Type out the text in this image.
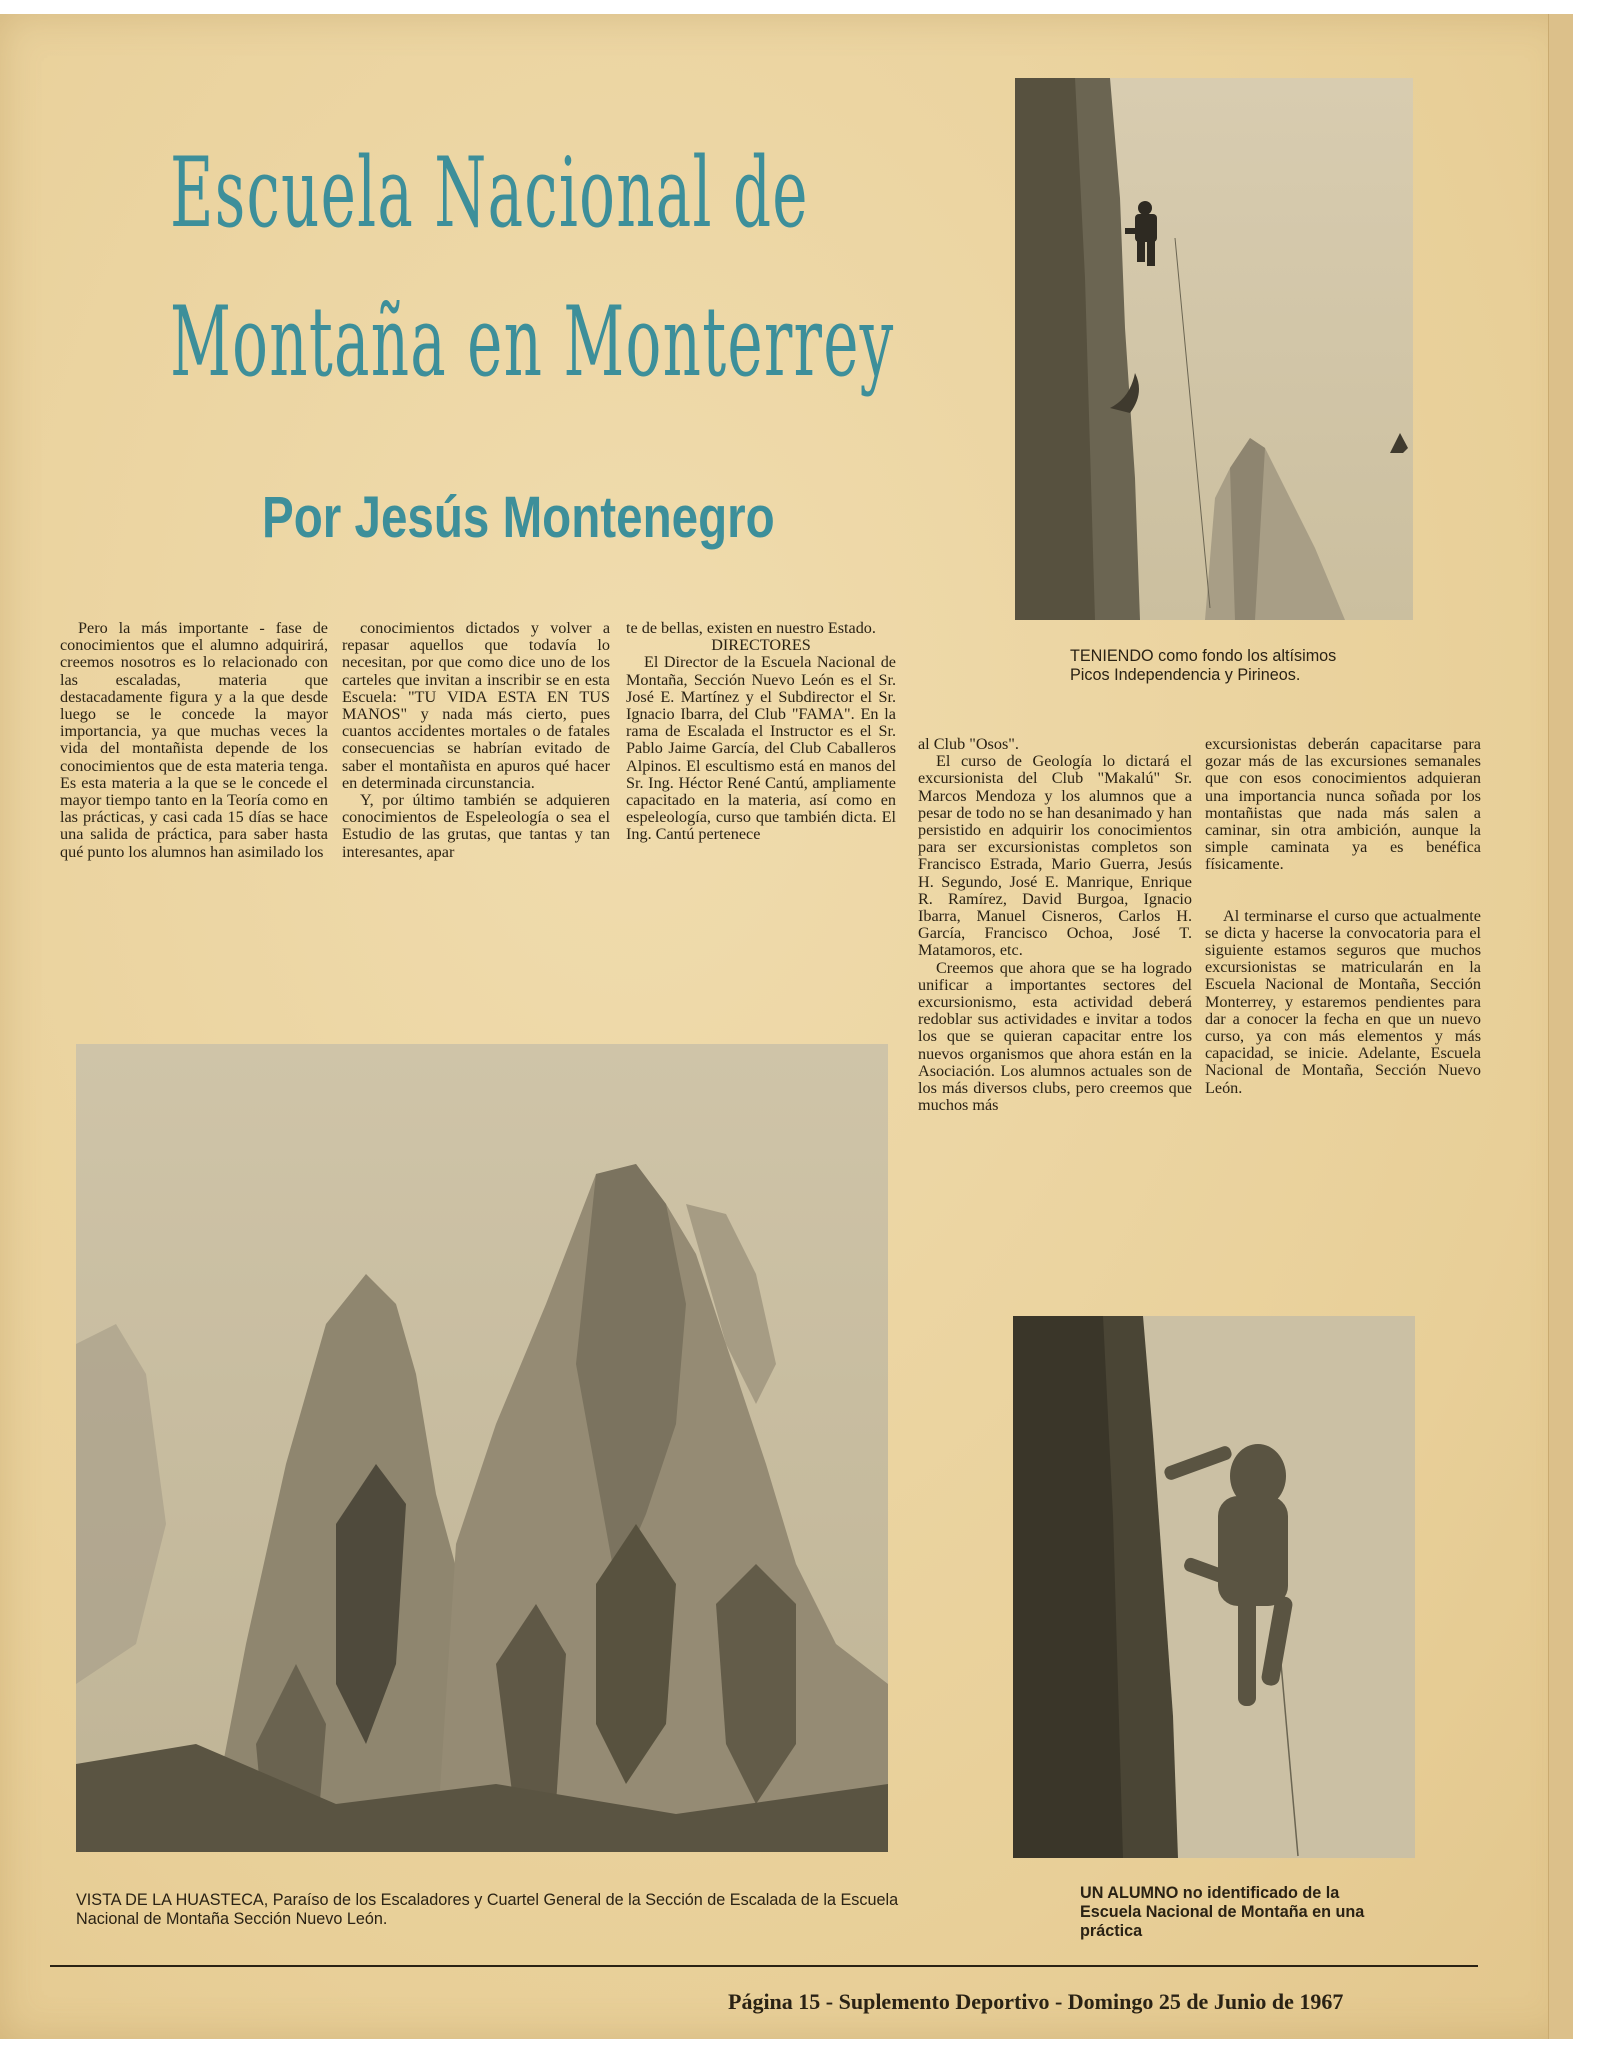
Escuela Nacional de
Montaña en Monterrey
Por Jesús Montenegro
TENIENDO como fondo los altísimos Picos Independencia y Pirineos.

Pero la más importante - fase de conocimientos que el alumno adquirirá, creemos nosotros es lo relacionado con las escaladas, materia que destacadamente figura y a la que desde luego se le concede la mayor importancia, ya que muchas veces la vida del montañista depende de los conocimientos que de esta materia tenga. Es esta materia a la que se le concede el mayor tiempo tanto en la Teoría como en las prácticas, y casi cada 15 días se hace una salida de práctica, para saber hasta qué punto los alumnos han asimilado los

conocimientos dictados y volver a repasar aquellos que todavía lo necesitan, por que como dice uno de los carteles que invitan a inscribir se en esta Escuela: "TU VIDA ESTA EN TUS MANOS" y nada más cierto, pues cuantos accidentes mortales o de fatales consecuencias se habrían evitado de saber el montañista en apuros qué hacer en determinada circunstancia.

Y, por último también se adquieren conocimientos de Espeleología o sea el Estudio de las grutas, que tantas y tan interesantes, apar

te de bellas, existen en nuestro Estado.

DIRECTORES

El Director de la Escuela Nacional de Montaña, Sección Nuevo León es el Sr. José E. Martínez y el Subdirector el Sr. Ignacio Ibarra, del Club "FAMA". En la rama de Escalada el Instructor es el Sr. Pablo Jaime García, del Club Caballeros Alpinos. El escultismo está en manos del Sr. Ing. Héctor René Cantú, ampliamente capacitado en la materia, así como en espeleología, curso que también dicta. El Ing. Cantú pertenece

al Club "Osos".

El curso de Geología lo dictará el excursionista del Club "Makalú" Sr. Marcos Mendoza y los alumnos que a pesar de todo no se han desanimado y han persistido en adquirir los conocimientos para ser excursionistas completos son Francisco Estrada, Mario Guerra, Jesús H. Segundo, José E. Manrique, Enrique R. Ramírez, David Burgoa, Ignacio Ibarra, Manuel Cisneros, Carlos H. García, Francisco Ochoa, José T. Matamoros, etc.

Creemos que ahora que se ha logrado unificar a importantes sectores del excursionismo, esta actividad deberá redoblar sus actividades e invitar a todos los que se quieran capacitar entre los nuevos organismos que ahora están en la Asociación. Los alumnos actuales son de los más diversos clubs, pero creemos que muchos más

excursionistas deberán capacitarse para gozar más de las excursiones semanales que con esos conocimientos adquieran una importancia nunca soñada por los montañistas que nada más salen a caminar, sin otra ambición, aunque la simple caminata ya es benéfica físicamente.

Al terminarse el curso que actualmente se dicta y hacerse la convocatoria para el siguiente estamos seguros que muchos excursionistas se matricularán en la Escuela Nacional de Montaña, Sección Monterrey, y estaremos pendientes para dar a conocer la fecha en que un nuevo curso, ya con más elementos y más capacidad, se inicie. Adelante, Escuela Nacional de Montaña, Sección Nuevo León.

VISTA DE LA HUASTECA, Paraíso de los Escaladores y Cuartel General de la Sección de Escalada de la Escuela Nacional de Montaña Sección Nuevo León.
UN ALUMNO no identificado de la Escuela Nacional de Montaña en una práctica
Página 15 - Suplemento Deportivo - Domingo 25 de Junio de 1967
